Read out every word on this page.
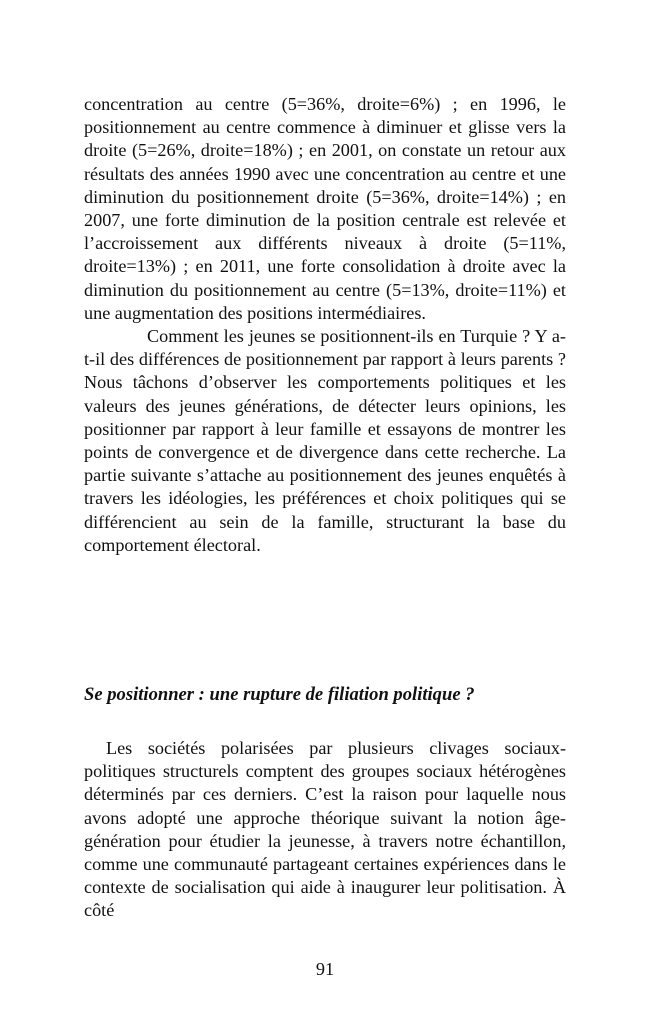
concentration au centre (5=36%, droite=6%) ; en 1996, le positionnement au centre commence à diminuer et glisse vers la droite (5=26%, droite=18%) ; en 2001, on constate un retour aux résultats des années 1990 avec une concentration au centre et une diminution du positionnement droite (5=36%, droite=14%) ; en 2007, une forte diminution de la position centrale est relevée et l’accroissement aux différents niveaux à droite (5=11%, droite=13%) ; en 2011, une forte consolidation à droite avec la diminution du positionnement au centre (5=13%, droite=11%) et une augmentation des positions intermédiaires.

Comment les jeunes se positionnent-ils en Turquie ? Y a-t-il des différences de positionnement par rapport à leurs parents ? Nous tâchons d’observer les comportements politiques et les valeurs des jeunes générations, de détecter leurs opinions, les positionner par rapport à leur famille et essayons de montrer les points de convergence et de divergence dans cette recherche. La partie suivante s’attache au positionnement des jeunes enquêtés à travers les idéologies, les préférences et choix politiques qui se différencient au sein de la famille, structurant la base du comportement électoral.

Se positionner : une rupture de filiation politique ?

Les sociétés polarisées par plusieurs clivages sociaux-politiques structurels comptent des groupes sociaux hétérogènes déterminés par ces derniers. C’est la raison pour laquelle nous avons adopté une approche théorique suivant la notion âge-génération pour étudier la jeunesse, à travers notre échantillon, comme une communauté partageant certaines expériences dans le contexte de socialisation qui aide à inaugurer leur politisation. À côté

91
